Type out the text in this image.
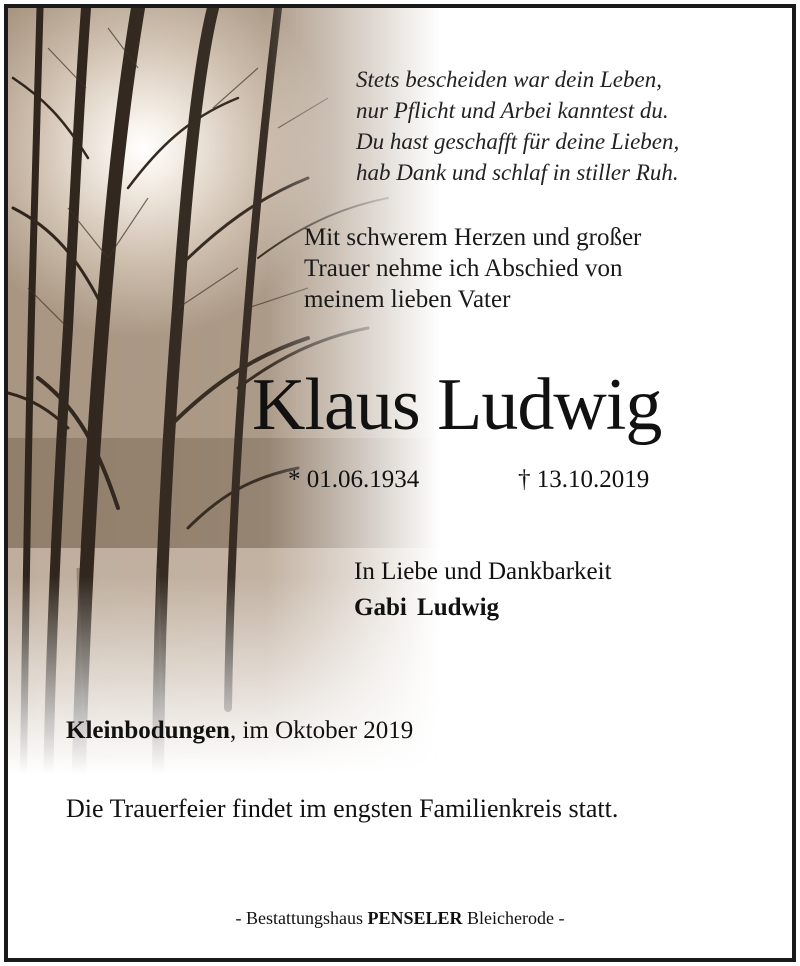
Stets bescheiden war dein Leben,
nur Pflicht und Arbei kanntest du.
Du hast geschafft für deine Lieben,
hab Dank und schlaf in stiller Ruh.
Mit schwerem Herzen und großer
Trauer nehme ich Abschied von
meinem lieben Vater
Klaus Ludwig
* 01.06.1934	† 13.10.2019
In Liebe und Dankbarkeit
Gabi Ludwig
Kleinbodungen, im Oktober 2019
Die Trauerfeier findet im engsten Familienkreis statt.
- Bestattungshaus PENSELER Bleicherode -
